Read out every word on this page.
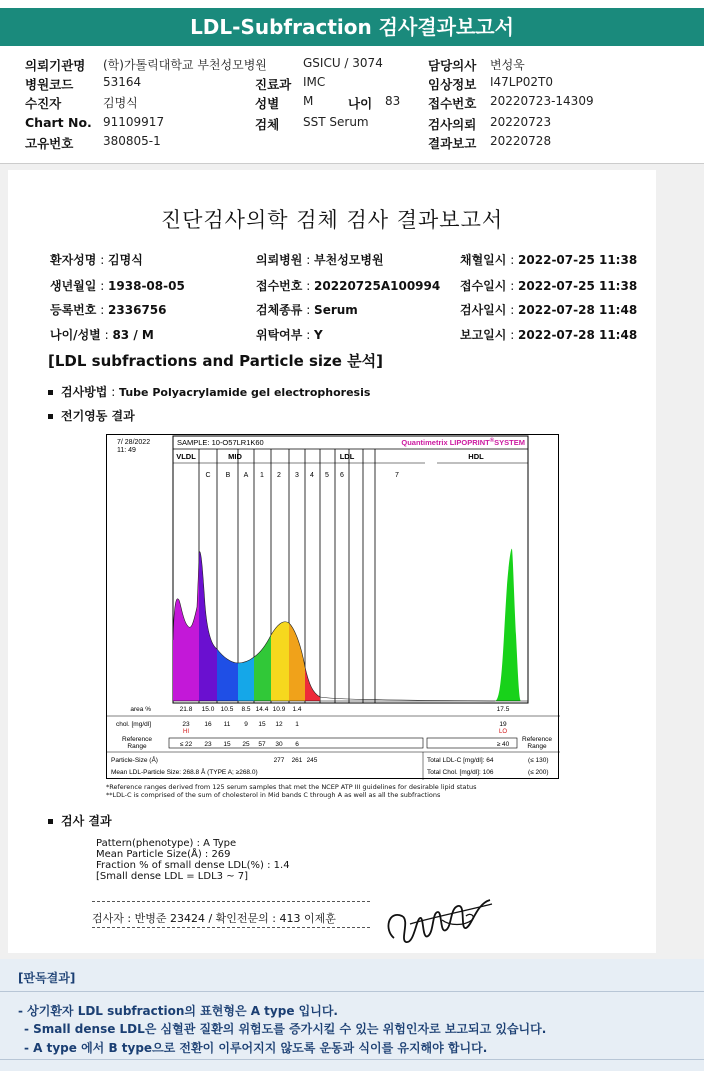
LDL-Subfraction 검사결과보고서
의뢰기관명 (학)가톨릭대학교 부천성모병원	GSICU / 3074	담당의사 변성욱
병원코드 53164	진료과 IMC	임상정보 I47LP02T0
수진자	김명식	성별 M	나이 83 접수번호 20220723-14309
Chart No. 91109917	검체 SST Serum	검사의뢰 20220723
고유번호 380805-1	결과보고 20220728
진단검사의학 검체 검사 결과보고서
환자성명 : 김명식	의뢰병원 : 부천성모병원	채혈일시 : 2022-07-25 11:38
생년월일 : 1938-08-05	접수번호 : 20220725A100994 접수일시 : 2022-07-25 11:38
등록번호 : 2336756	검체종류 : Serum	검사일시 : 2022-07-28 11:48
나이/성별 : 83 / M	위탁여부 : Y	보고일시 : 2022-07-28 11:48
[LDL subfractions and Particle size 분석]
검사방법 : Tube Polyacrylamide gel electrophoresis
전기영동 결과
7/ 28/2022
11: 49
SAMPLE: 10-O57LR1K60	Quantimetrix LIPOPRINT®SYSTEM
VLDL	MID	LDL	HDL
C B A 1 2 3 4 5 6	7
area %
chol. [mg/dl]
21.8 15.0 10.5 8.5 14.4 10.9 1.4	17.5
23 16 11 9 15 12 1	19
HI	LO
Reference
Range	≤ 22 23 15 25 57 30 6	≥ 40
Reference
Range
Particle-Size (Å)	277 261 245
Mean LDL-Particle Size: 268.8 Å (TYPE A; ≥268.0)
Total LDL-C [mg/dl]: 64	(≤ 130)
Total Chol. [mg/dl]: 106	(≤ 200)
*Reference ranges derived from 125 serum samples that met the NCEP ATP III guidelines for desirable lipid status
**LDL-C is comprised of the sum of cholesterol in Mid bands C through A as well as all the subfractions
검사 결과
Pattern(phenotype) : A Type
Mean Particle Size(Å) : 269
Fraction % of small dense LDL(%) : 1.4
[Small dense LDL = LDL3 ~ 7]
검사자 : 반병준 23424 / 확인전문의 : 413 이제훈
[판독결과]
- 상기환자 LDL subfraction의 표현형은 A type 입니다.
- Small dense LDL은 심혈관 질환의 위험도를 증가시킬 수 있는 위험인자로 보고되고 있습니다.
- A type 에서 B type으로 전환이 이루어지지 않도록 운동과 식이를 유지해야 합니다.
